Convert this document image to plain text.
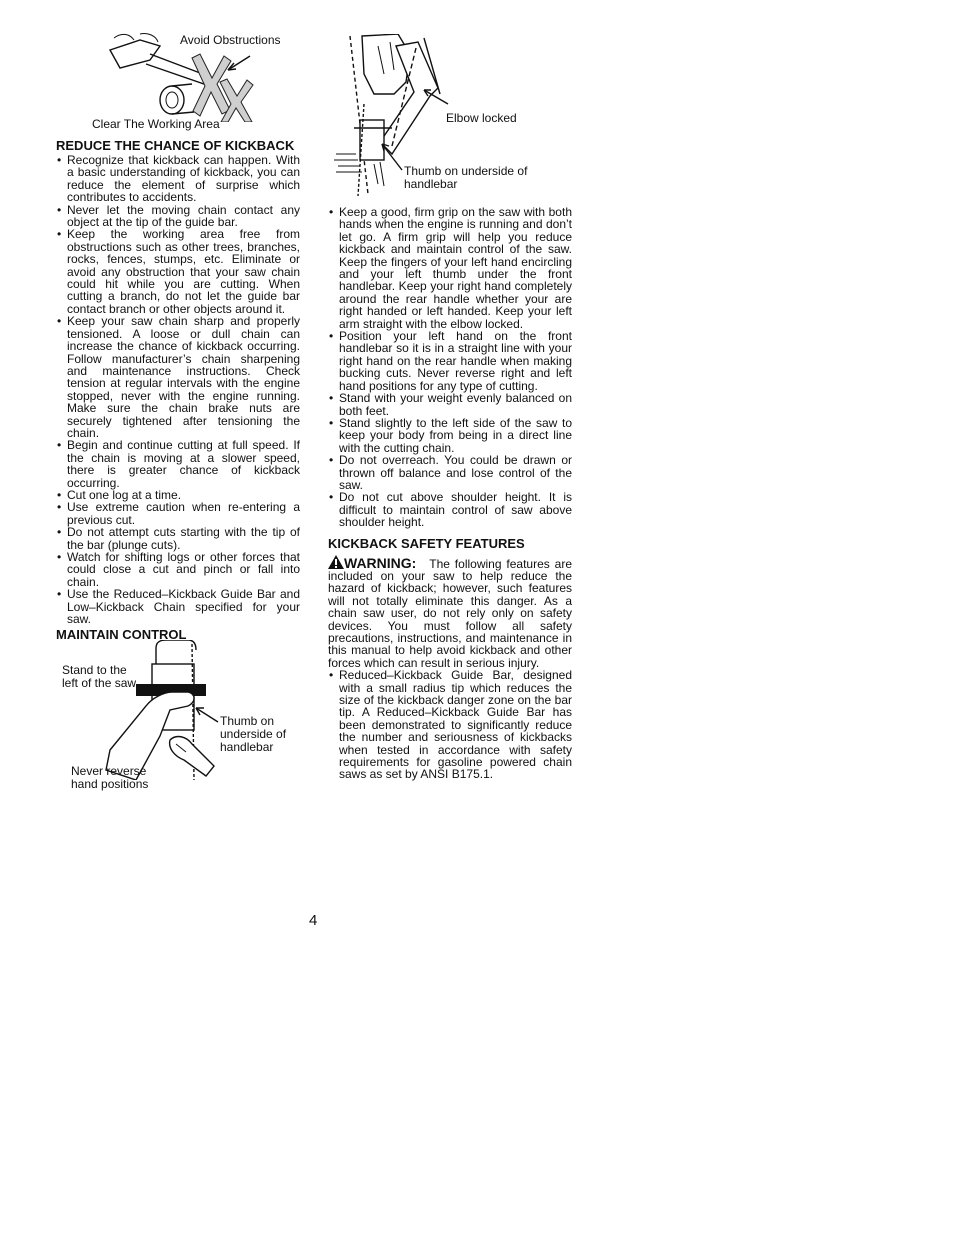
Avoid Obstructions
Clear The Working Area
REDUCE THE CHANCE OF KICKBACK
• Recognize that kickback can happen. With a basic understanding of kickback, you can reduce the element of surprise which contributes to accidents.
• Never let the moving chain contact any object at the tip of the guide bar.
• Keep the working area free from obstructions such as other trees, branches, rocks, fences, stumps, etc. Eliminate or avoid any obstruction that your saw chain could hit while you are cutting. When cutting a branch, do not let the guide bar contact branch or other objects around it.
• Keep your saw chain sharp and properly tensioned. A loose or dull chain can increase the chance of kickback occurring. Follow manufacturer’s chain sharpening and maintenance instructions. Check tension at regular intervals with the engine stopped, never with the engine running. Make sure the chain brake nuts are securely tightened after tensioning the chain.
• Begin and continue cutting at full speed. If the chain is moving at a slower speed, there is greater chance of kickback occurring.
• Cut one log at a time.
• Use extreme caution when re-entering a previous cut.
• Do not attempt cuts starting with the tip of the bar (plunge cuts).
• Watch for shifting logs or other forces that could close a cut and pinch or fall into chain.
• Use the Reduced–Kickback Guide Bar and Low–Kickback Chain specified for your saw.
MAINTAIN CONTROL
Stand to the left of the saw
Thumb on underside of handlebar
Never reverse hand positions
Elbow locked
Thumb on underside of handlebar
• Keep a good, firm grip on the saw with both hands when the engine is running and don’t let go. A firm grip will help you reduce kickback and maintain control of the saw. Keep the fingers of your left hand encircling and your left thumb under the front handlebar. Keep your right hand completely around the rear handle whether your are right handed or left handed. Keep your left arm straight with the elbow locked.
• Position your left hand on the front handlebar so it is in a straight line with your right hand on the rear handle when making bucking cuts. Never reverse right and left hand positions for any type of cutting.
• Stand with your weight evenly balanced on both feet.
• Stand slightly to the left side of the saw to keep your body from being in a direct line with the cutting chain.
• Do not overreach. You could be drawn or thrown off balance and lose control of the saw.
• Do not cut above shoulder height. It is difficult to maintain control of saw above shoulder height.
KICKBACK SAFETY FEATURES
WARNING: The following features are included on your saw to help reduce the hazard of kickback; however, such features will not totally eliminate this danger. As a chain saw user, do not rely only on safety devices. You must follow all safety precautions, instructions, and maintenance in this manual to help avoid kickback and other forces which can result in serious injury.
• Reduced–Kickback Guide Bar, designed with a small radius tip which reduces the size of the kickback danger zone on the bar tip. A Reduced–Kickback Guide Bar has been demonstrated to significantly reduce the number and seriousness of kickbacks when tested in accordance with safety requirements for gasoline powered chain saws as set by ANSI B175.1.
4
